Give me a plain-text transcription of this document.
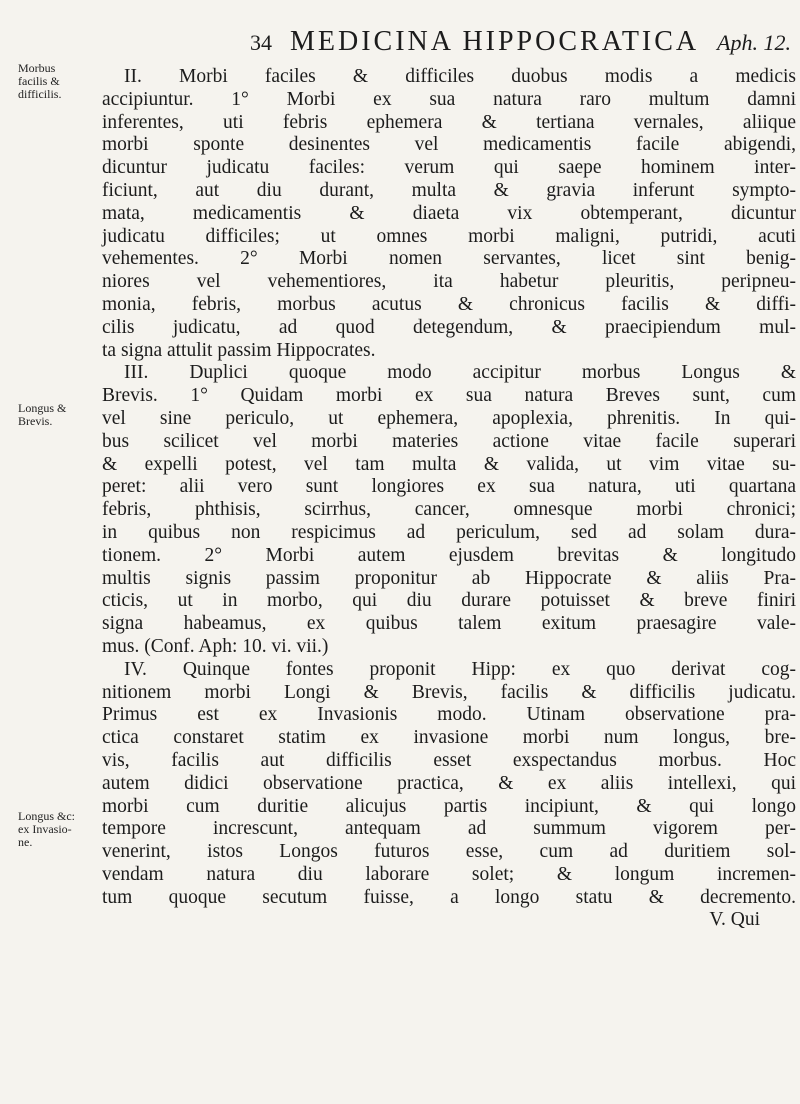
34 MEDICINA HIPPOCRATICA Aph. 12.
Morbus
facilis &
difficilis.
Longus &
Brevis.
Longus &c:
ex Invasio-
ne.
II. Morbi faciles & difficiles duobus modis a medicis
accipiuntur. 1° Morbi ex sua natura raro multum damni
inferentes, uti febris ephemera & tertiana vernales, aliique
morbi sponte desinentes vel medicamentis facile abigendi,
dicuntur judicatu faciles: verum qui saepe hominem inter-
ficiunt, aut diu durant, multa & gravia inferunt sympto-
mata, medicamentis & diaeta vix obtemperant, dicuntur
judicatu difficiles; ut omnes morbi maligni, putridi, acuti
vehementes. 2° Morbi nomen servantes, licet sint benig-
niores vel vehementiores, ita habetur pleuritis, peripneu-
monia, febris, morbus acutus & chronicus facilis & diffi-
cilis judicatu, ad quod detegendum, & praecipiendum mul-
ta signa attulit passim Hippocrates.
III. Duplici quoque modo accipitur morbus Longus &
Brevis. 1° Quidam morbi ex sua natura Breves sunt, cum
vel sine periculo, ut ephemera, apoplexia, phrenitis. In qui-
bus scilicet vel morbi materies actione vitae facile superari
& expelli potest, vel tam multa & valida, ut vim vitae su-
peret: alii vero sunt longiores ex sua natura, uti quartana
febris, phthisis, scirrhus, cancer, omnesque morbi chronici;
in quibus non respicimus ad periculum, sed ad solam dura-
tionem. 2° Morbi autem ejusdem brevitas & longitudo
multis signis passim proponitur ab Hippocrate & aliis Pra-
cticis, ut in morbo, qui diu durare potuisset & breve finiri
signa habeamus, ex quibus talem exitum praesagire vale-
mus. (Conf. Aph: 10. vi. vii.)
IV. Quinque fontes proponit Hipp: ex quo derivat cog-
nitionem morbi Longi & Brevis, facilis & difficilis judicatu.
Primus est ex Invasionis modo. Utinam observatione pra-
ctica constaret statim ex invasione morbi num longus, bre-
vis, facilis aut difficilis esset exspectandus morbus. Hoc
autem didici observatione practica, & ex aliis intellexi, qui
morbi cum duritie alicujus partis incipiunt, & qui longo
tempore increscunt, antequam ad summum vigorem per-
venerint, istos Longos futuros esse, cum ad duritiem sol-
vendam natura diu laborare solet; & longum incremen-
tum quoque secutum fuisse, a longo statu & decremento.
V. Qui
